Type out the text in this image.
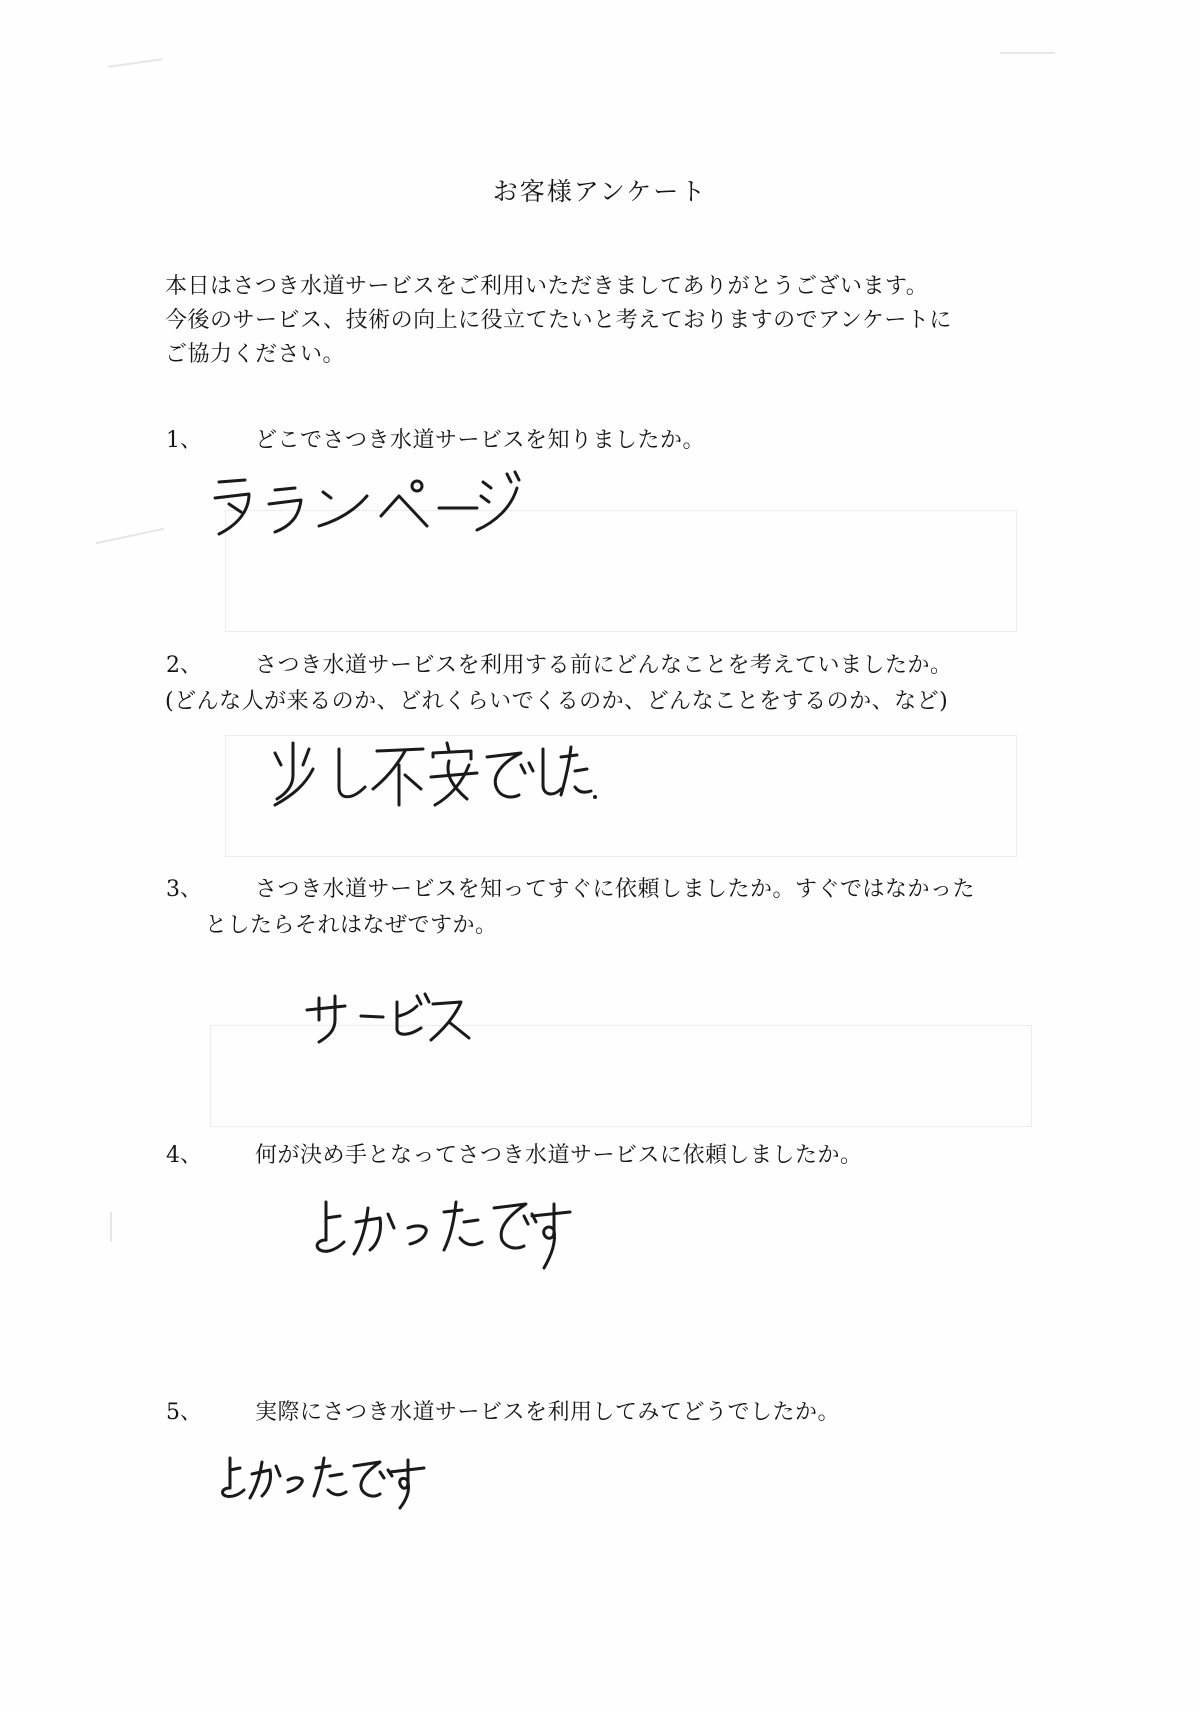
お客様アンケート
本日はさつき水道サービスをご利用いただきましてありがとうございます。
今後のサービス、技術の向上に役立てたいと考えておりますのでアンケートに
ご協力ください。
1、 どこでさつき水道サービスを知りましたか。
2、 さつき水道サービスを利用する前にどんなことを考えていましたか。
(どんな人が来るのか、どれくらいでくるのか、どんなことをするのか、など)
3、 さつき水道サービスを知ってすぐに依頼しましたか。すぐではなかった
としたらそれはなぜですか。
4、 何が決め手となってさつき水道サービスに依頼しましたか。
5、 実際にさつき水道サービスを利用してみてどうでしたか。
